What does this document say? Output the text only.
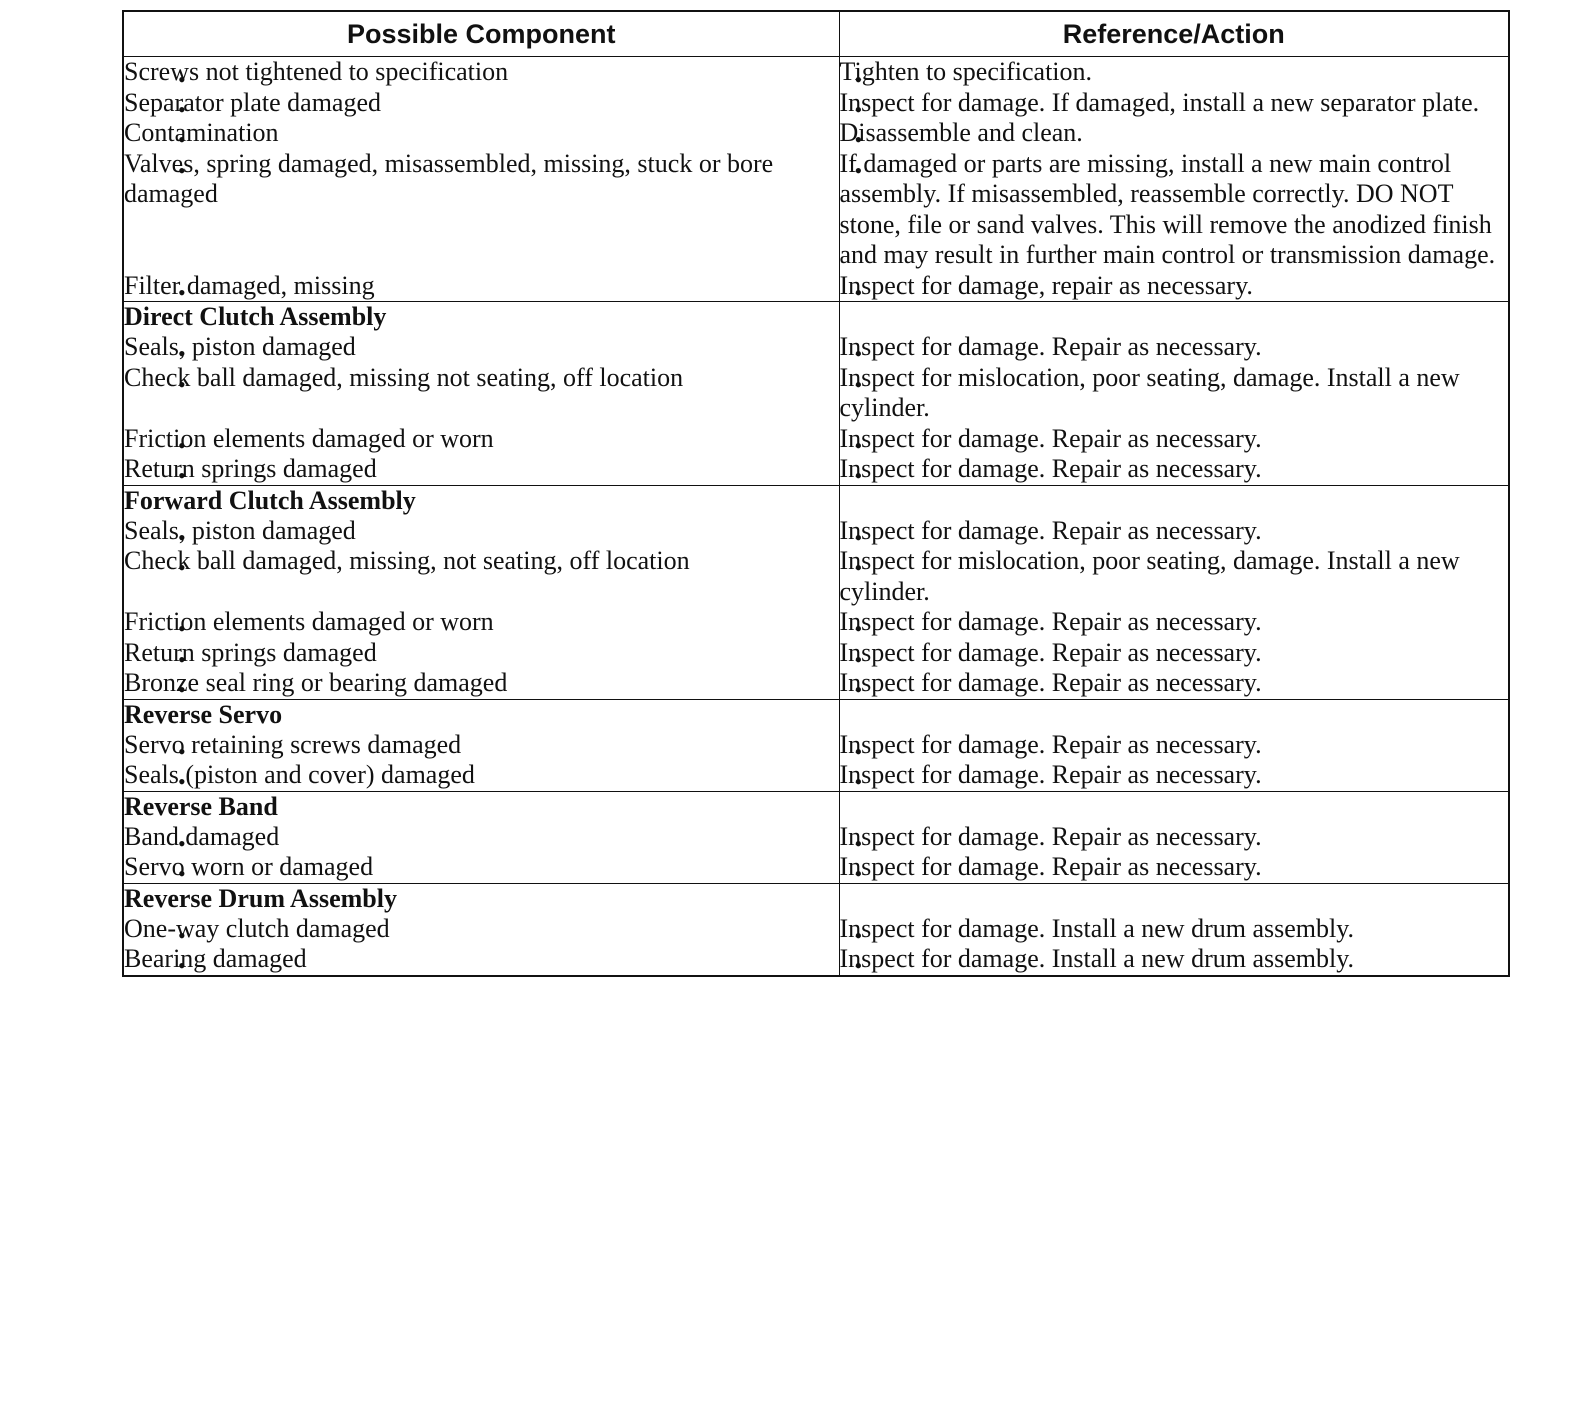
Possible Component	Reference/Action
• Screws not tightened to specification	• Tighten to specification.
• Separator plate damaged	• Inspect for damage. If damaged, install a new separator plate.
• Contamination	• Disassemble and clean.
• Valves, spring damaged, misassembled, missing, stuck or bore damaged	• If damaged or parts are missing, install a new main control assembly. If misassembled, reassemble correctly. DO NOT stone, file or sand valves. This will remove the anodized finish and may result in further main control or transmission damage.
• Filter damaged, missing	• Inspect for damage, repair as necessary.
Direct Clutch Assembly	
• Seals, piston damaged	• Inspect for damage. Repair as necessary.
• Check ball damaged, missing not seating, off location	• Inspect for mislocation, poor seating, damage. Install a new cylinder.
• Friction elements damaged or worn	• Inspect for damage. Repair as necessary.
• Return springs damaged	• Inspect for damage. Repair as necessary.
Forward Clutch Assembly	
• Seals, piston damaged	• Inspect for damage. Repair as necessary.
• Check ball damaged, missing, not seating, off location	• Inspect for mislocation, poor seating, damage. Install a new cylinder.
• Friction elements damaged or worn	• Inspect for damage. Repair as necessary.
• Return springs damaged	• Inspect for damage. Repair as necessary.
• Bronze seal ring or bearing damaged	• Inspect for damage. Repair as necessary.
Reverse Servo	
• Servo retaining screws damaged	• Inspect for damage. Repair as necessary.
• Seals (piston and cover) damaged	• Inspect for damage. Repair as necessary.
Reverse Band	
• Band damaged	• Inspect for damage. Repair as necessary.
• Servo worn or damaged	• Inspect for damage. Repair as necessary.
Reverse Drum Assembly	
• One-way clutch damaged	• Inspect for damage. Install a new drum assembly.
• Bearing damaged	• Inspect for damage. Install a new drum assembly.
